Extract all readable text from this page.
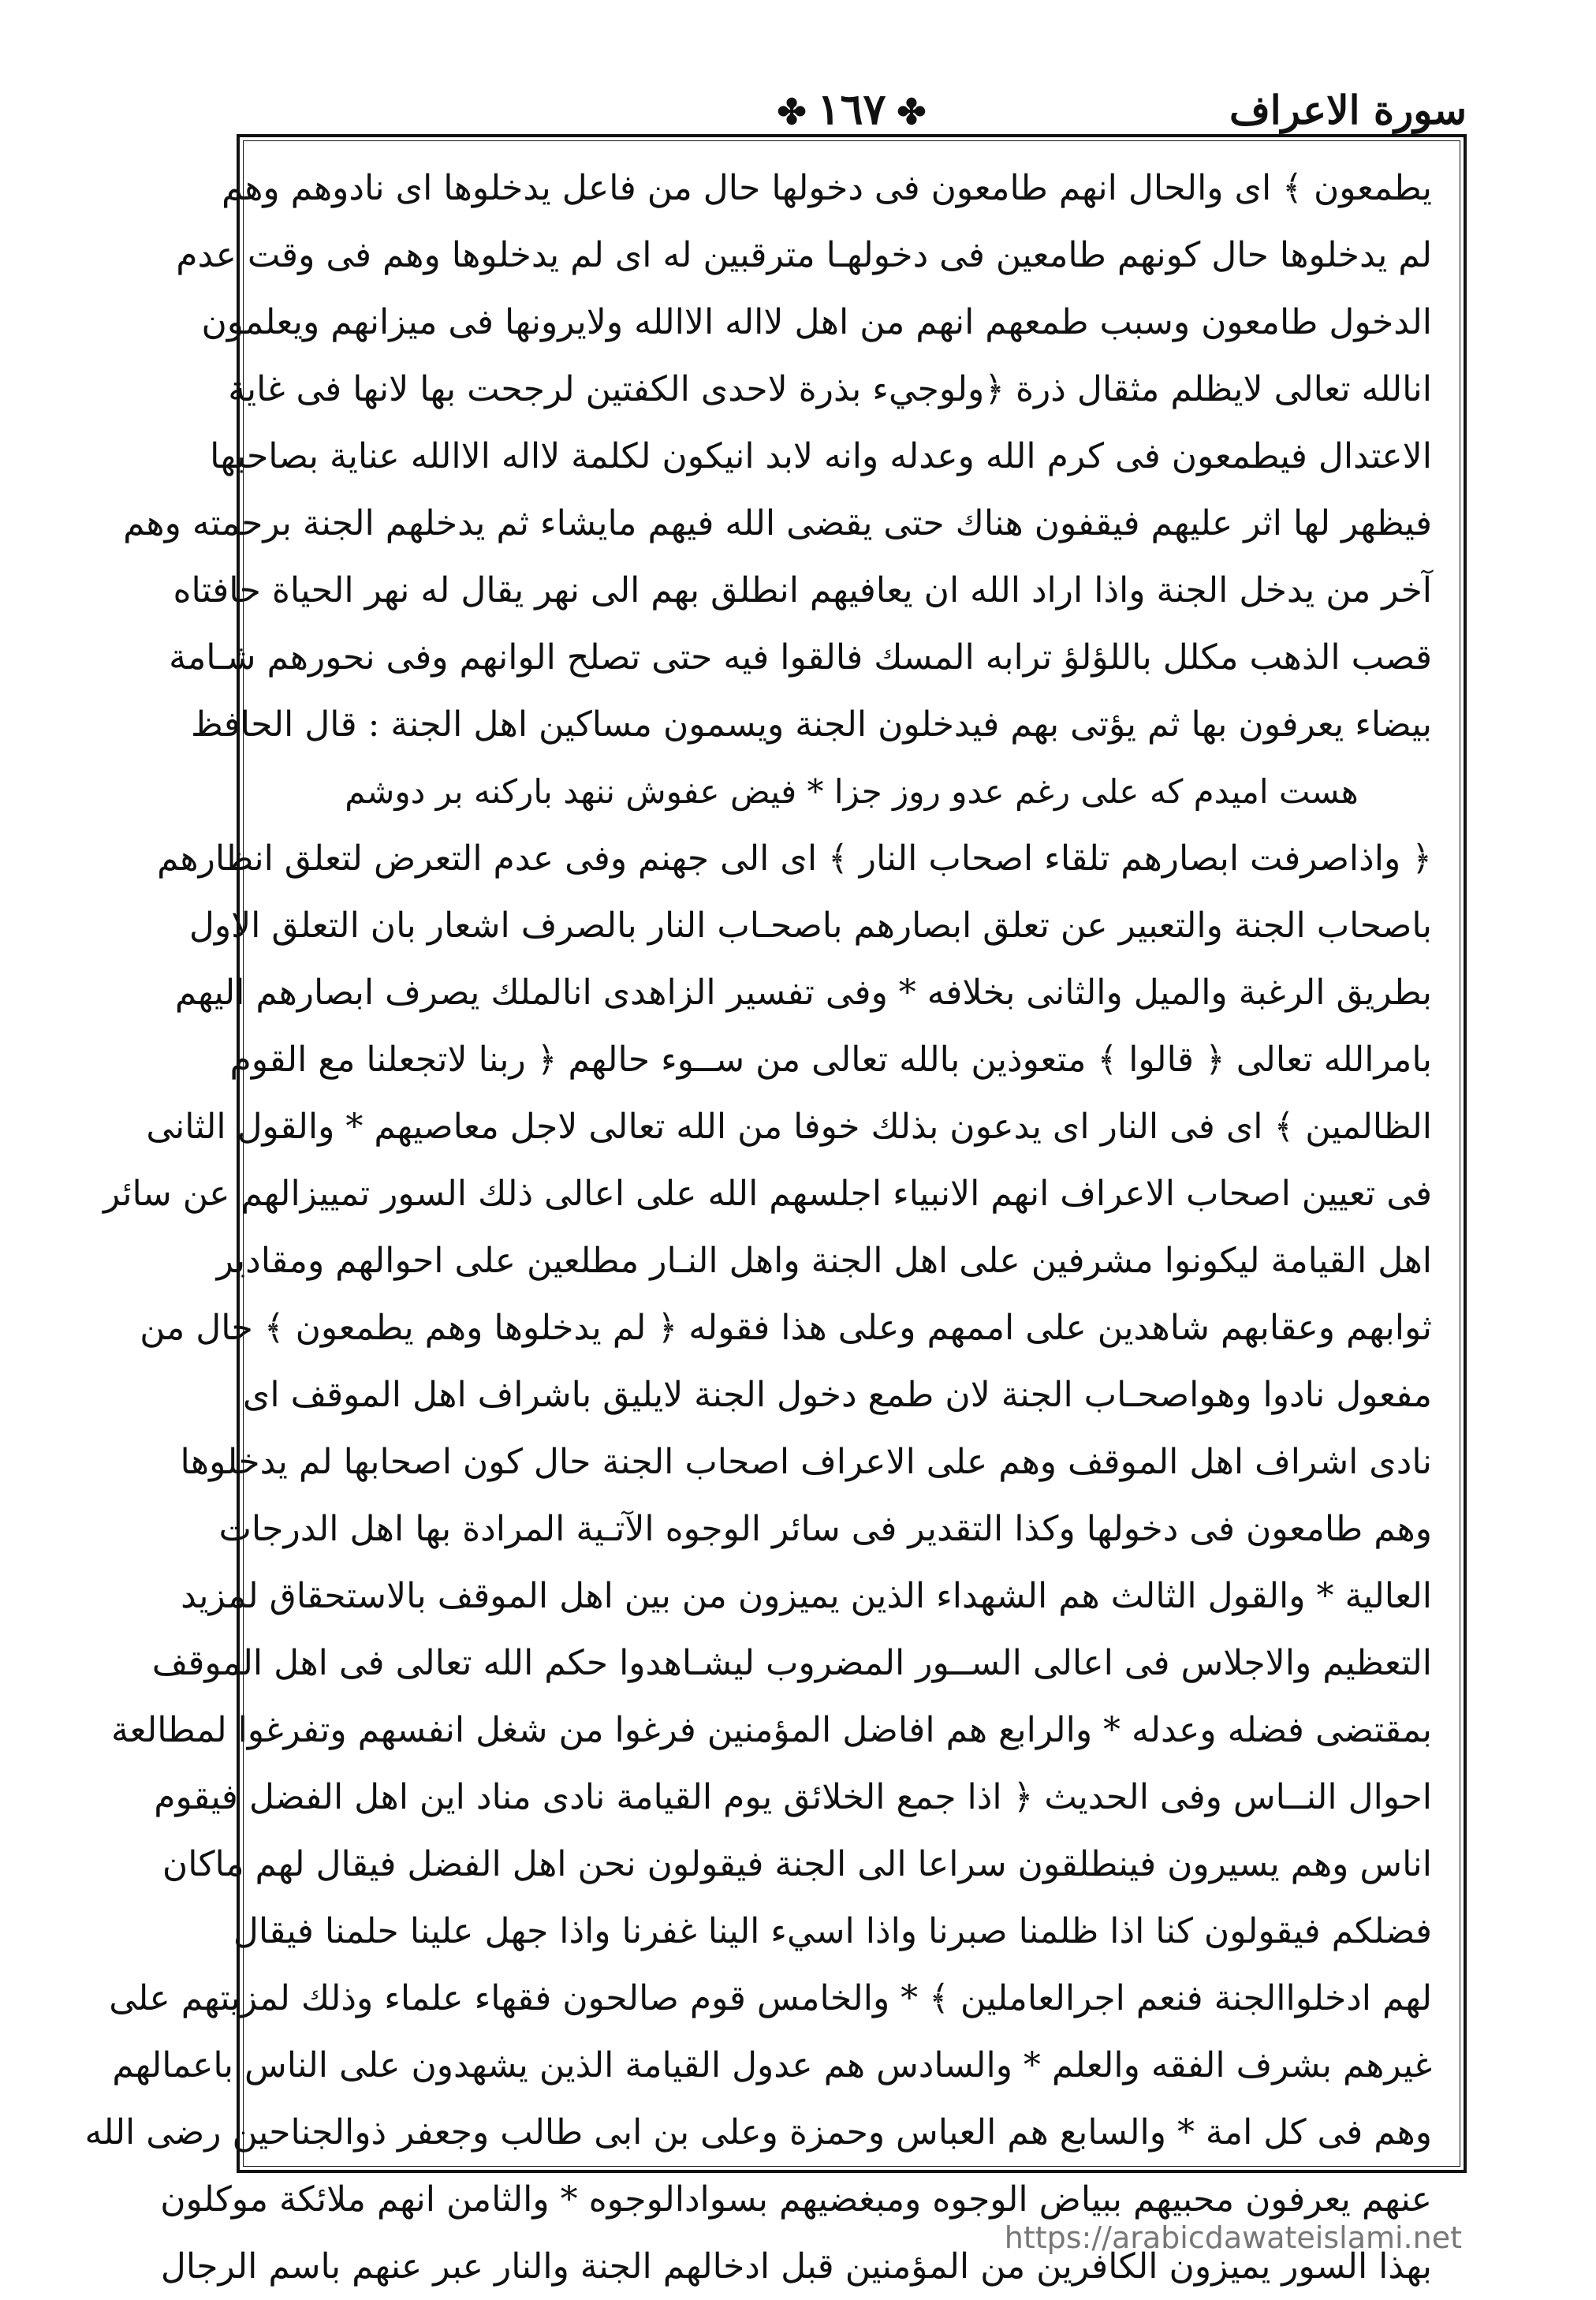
سورة الاعراف
✤١٦٧✤
يطمعون ﴾ اى والحال انهم طامعون فى دخولها حال من فاعل يدخلوها اى نادوهم وهم
لم يدخلوها حال كونهم طامعين فى دخولهـا مترقبين له اى لم يدخلوها وهم فى وقت عدم
الدخول طامعون وسبب طمعهم انهم من اهل لااله الاالله ولايرونها فى ميزانهم ويعلمون
انالله تعالى لايظلم مثقال ذرة ﴿ولوجيء بذرة لاحدى الكفتين لرجحت بها لانها فى غاية
الاعتدال فيطمعون فى كرم الله وعدله وانه لابد انيكون لكلمة لااله الاالله عناية بصاحبها
فيظهر لها اثر عليهم فيقفون هناك حتى يقضى الله فيهم مايشاء ثم يدخلهم الجنة برحمته وهم
آخر من يدخل الجنة واذا اراد الله ان يعافيهم انطلق بهم الى نهر يقال له نهر الحياة حافتاه
قصب الذهب مكلل باللؤلؤ ترابه المسك فالقوا فيه حتى تصلح الوانهم وفى نحورهم شـامة
بيضاء يعرفون بها ثم يؤتى بهم فيدخلون الجنة ويسمون مساكين اهل الجنة : قال الحافظ
هست اميدم كه على رغم عدو روز جزا * فيض عفوش ننهد باركنه بر دوشم
﴿ واذاصرفت ابصارهم تلقاء اصحاب النار ﴾ اى الى جهنم وفى عدم التعرض لتعلق انظارهم
باصحاب الجنة والتعبير عن تعلق ابصارهم باصحـاب النار بالصرف اشعار بان التعلق الاول
بطريق الرغبة والميل والثانى بخلافه * وفى تفسير الزاهدى انالملك يصرف ابصارهم اليهم
بامرالله تعالى ﴿ قالوا ﴾ متعوذين بالله تعالى من ســوء حالهم ﴿ ربنا لاتجعلنا مع القوم
الظالمين ﴾ اى فى النار اى يدعون بذلك خوفا من الله تعالى لاجل معاصيهم * والقول الثانى
فى تعيين اصحاب الاعراف انهم الانبياء اجلسهم الله على اعالى ذلك السور تمييزالهم عن سائر
اهل القيامة ليكونوا مشرفين على اهل الجنة واهل النـار مطلعين على احوالهم ومقادير
ثوابهم وعقابهم شاهدين على اممهم وعلى هذا فقوله ﴿ لم يدخلوها وهم يطمعون ﴾ حال من
مفعول نادوا وهواصحـاب الجنة لان طمع دخول الجنة لايليق باشراف اهل الموقف اى
نادى اشراف اهل الموقف وهم على الاعراف اصحاب الجنة حال كون اصحابها لم يدخلوها
وهم طامعون فى دخولها وكذا التقدير فى سائر الوجوه الآتـية المرادة بها اهل الدرجات
العالية * والقول الثالث هم الشهداء الذين يميزون من بين اهل الموقف بالاستحقاق لمزيد
التعظيم والاجلاس فى اعالى الســور المضروب ليشـاهدوا حكم الله تعالى فى اهل الموقف
بمقتضى فضله وعدله * والرابع هم افاضل المؤمنين فرغوا من شغل انفسهم وتفرغوا لمطالعة
احوال النــاس وفى الحديث ﴿ اذا جمع الخلائق يوم القيامة نادى مناد اين اهل الفضل فيقوم
اناس وهم يسيرون فينطلقون سراعا الى الجنة فيقولون نحن اهل الفضل فيقال لهم ماكان
فضلكم فيقولون كنا اذا ظلمنا صبرنا واذا اسيء الينا غفرنا واذا جهل علينا حلمنا فيقال
لهم ادخلواالجنة فنعم اجرالعاملين ﴾ * والخامس قوم صالحون فقهاء علماء وذلك لمزيتهم على
غيرهم بشرف الفقه والعلم * والسادس هم عدول القيامة الذين يشهدون على الناس باعمالهم
وهم فى كل امة * والسابع هم العباس وحمزة وعلى بن ابى طالب وجعفر ذوالجناحين رضى الله
عنهم يعرفون محبيهم ببياض الوجوه ومبغضيهم بسوادالوجوه * والثامن انهم ملائكة موكلون
بهذا السور يميزون الكافرين من المؤمنين قبل ادخالهم الجنة والنار عبر عنهم باسم الرجال
https://arabicdawateislami.net
